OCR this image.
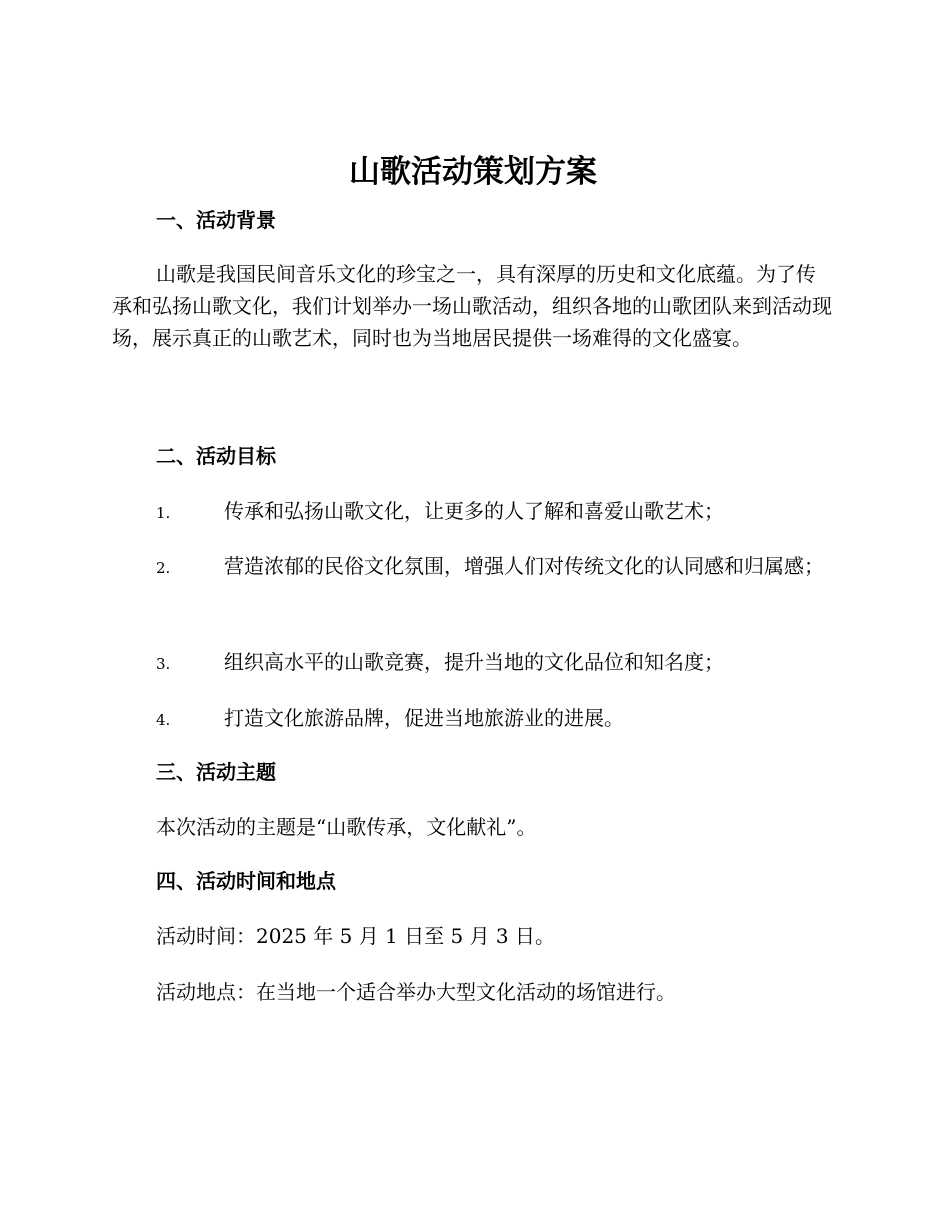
山歌活动策划方案
一、活动背景

山歌是我国民间音乐文化的珍宝之一，具有深厚的历史和文化底蕴。为了传承和弘扬山歌文化，我们计划举办一场山歌活动，组织各地的山歌团队来到活动现场，展示真正的山歌艺术，同时也为当地居民提供一场难得的文化盛宴。

二、活动目标

1.	传承和弘扬山歌文化，让更多的人了解和喜爱山歌艺术；

2.	营造浓郁的民俗文化氛围，增强人们对传统文化的认同感和归属感；

3.	组织高水平的山歌竞赛，提升当地的文化品位和知名度；

4.	打造文化旅游品牌，促进当地旅游业的进展。

三、活动主题

本次活动的主题是“山歌传承，文化献礼”。

四、活动时间和地点

活动时间：2025 年 5 月 1 日至 5 月 3 日。

活动地点：在当地一个适合举办大型文化活动的场馆进行。
